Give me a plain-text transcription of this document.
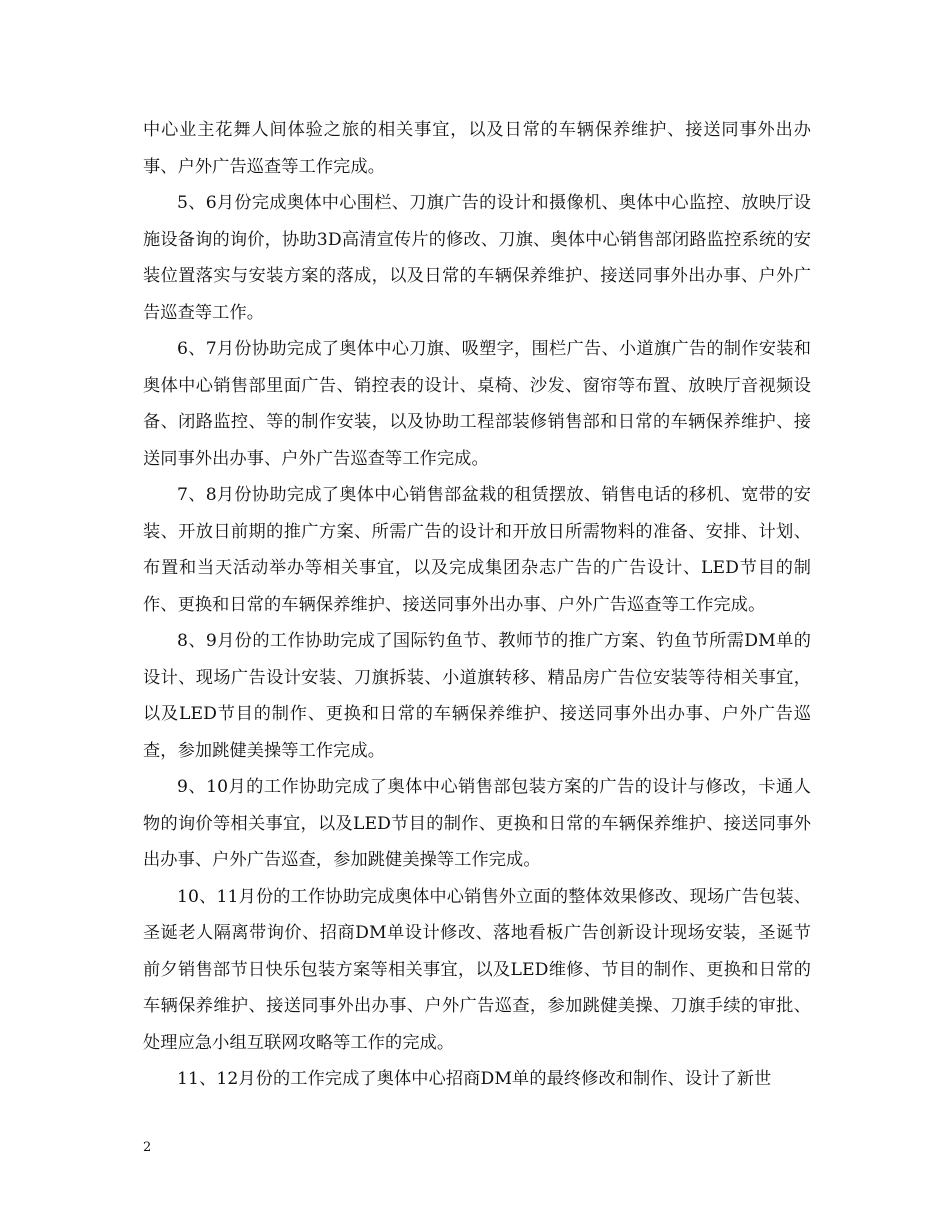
中心业主花舞人间体验之旅的相关事宜，以及日常的车辆保养维护、接送同事外出办事、户外广告巡查等工作完成。

5、6月份完成奥体中心围栏、刀旗广告的设计和摄像机、奥体中心监控、放映厅设施设备询的询价，协助3D高清宣传片的修改、刀旗、奥体中心销售部闭路监控系统的安装位置落实与安装方案的落成，以及日常的车辆保养维护、接送同事外出办事、户外广告巡查等工作。

6、7月份协助完成了奥体中心刀旗、吸塑字，围栏广告、小道旗广告的制作安装和奥体中心销售部里面广告、销控表的设计、桌椅、沙发、窗帘等布置、放映厅音视频设备、闭路监控、等的制作安装，以及协助工程部装修销售部和日常的车辆保养维护、接送同事外出办事、户外广告巡查等工作完成。

7、8月份协助完成了奥体中心销售部盆栽的租赁摆放、销售电话的移机、宽带的安装、开放日前期的推广方案、所需广告的设计和开放日所需物料的准备、安排、计划、布置和当天活动举办等相关事宜，以及完成集团杂志广告的广告设计、LED节目的制作、更换和日常的车辆保养维护、接送同事外出办事、户外广告巡查等工作完成。

8、9月份的工作协助完成了国际钓鱼节、教师节的推广方案、钓鱼节所需DM单的设计、现场广告设计安装、刀旗拆装、小道旗转移、精品房广告位安装等待相关事宜，以及LED节目的制作、更换和日常的车辆保养维护、接送同事外出办事、户外广告巡查，参加跳健美操等工作完成。

9、10月的工作协助完成了奥体中心销售部包装方案的广告的设计与修改，卡通人物的询价等相关事宜，以及LED节目的制作、更换和日常的车辆保养维护、接送同事外出办事、户外广告巡查，参加跳健美操等工作完成。

10、11月份的工作协助完成奥体中心销售外立面的整体效果修改、现场广告包装、圣诞老人隔离带询价、招商DM单设计修改、落地看板广告创新设计现场安装，圣诞节前夕销售部节日快乐包装方案等相关事宜，以及LED维修、节目的制作、更换和日常的车辆保养维护、接送同事外出办事、户外广告巡查，参加跳健美操、刀旗手续的审批、处理应急小组互联网攻略等工作的完成。

11、12月份的工作完成了奥体中心招商DM单的最终修改和制作、设计了新世

2
